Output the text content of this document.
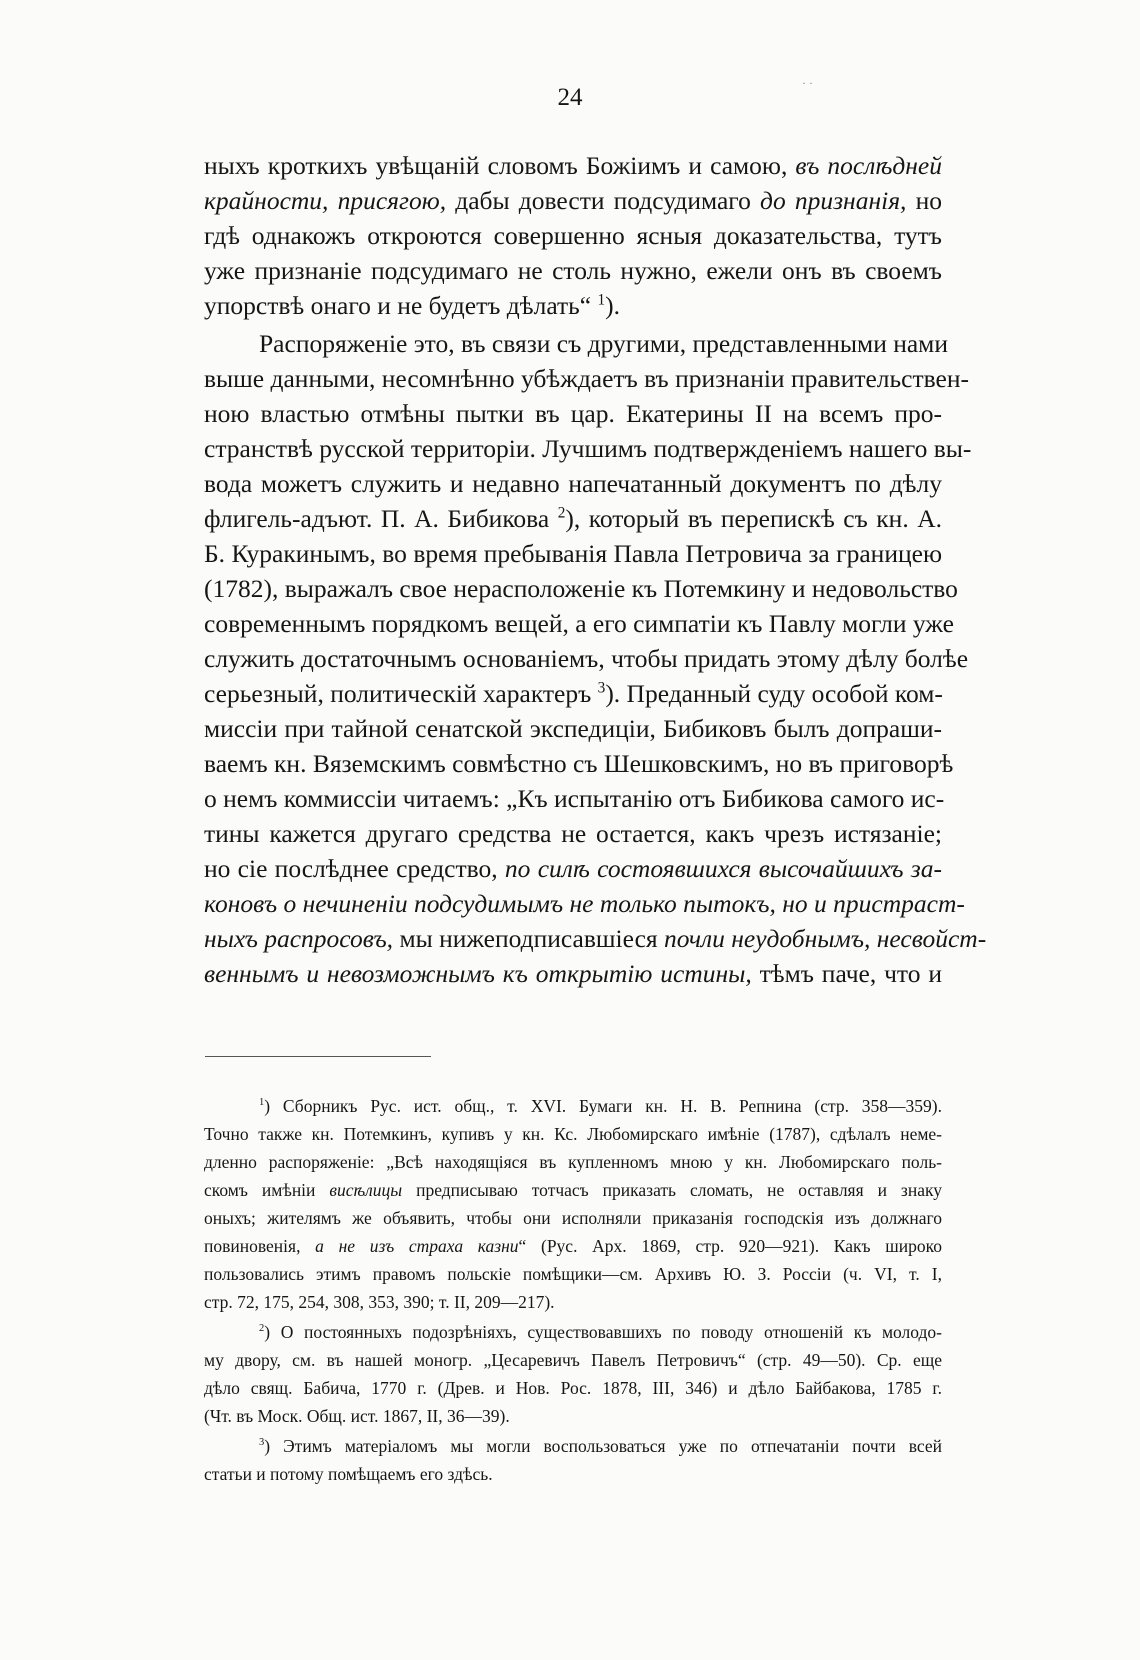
· ·
24
ныхъ кроткихъ увѣщаній словомъ Божіимъ и самою, въ послѣдней
крайности, присягою, дабы довести подсудимаго до признанія, но
гдѣ однакожъ откроются совершенно ясныя доказательства, тутъ
уже признаніе подсудимаго не столь нужно, ежели онъ въ своемъ
упорствѣ онаго и не будетъ дѣлать“ $^1$).
Распоряженіе это, въ связи съ другими, представленными нами
выше данными, несомнѣнно убѣждаетъ въ признаніи правительствен-
ною властью отмѣны пытки въ цар. Екатерины II на всемъ про-
странствѣ русской территоріи. Лучшимъ подтвержденіемъ нашего вы-
вода можетъ служить и недавно напечатанный документъ по дѣлу
флигель-адъют. П. А. Бибикова $^2$), который въ перепискѣ съ кн. А.
Б. Куракинымъ, во время пребыванія Павла Петровича за границею
(1782), выражалъ свое нерасположеніе къ Потемкину и недовольство
современнымъ порядкомъ вещей, а его симпатіи къ Павлу могли уже
служить достаточнымъ основаніемъ, чтобы придать этому дѣлу болѣе
серьезный, политическій характеръ $^3$). Преданный суду особой ком-
миссіи при тайной сенатской экспедиціи, Бибиковъ былъ допраши-
ваемъ кн. Вяземскимъ совмѣстно съ Шешковскимъ, но въ приговорѣ
о немъ коммиссіи читаемъ: „Къ испытанію отъ Бибикова самого ис-
тины кажется другаго средства не остается, какъ чрезъ истязаніе;
но сіе послѣднее средство, по силѣ состоявшихся высочайшихъ за-
коновъ о нечиненіи подсудимымъ не только пытокъ, но и пристраст-
ныхъ распросовъ, мы нижеподписавшіеся почли неудобнымъ, несвойст-
веннымъ и невозможнымъ къ открытію истины, тѣмъ паче, что и
$^1$) Сборникъ Рус. ист. общ., т. XVI. Бумаги кн. Н. В. Репнина (стр. 358—359).
Точно также кн. Потемкинъ, купивъ у кн. Кс. Любомирскаго имѣніе (1787), сдѣлалъ неме-
дленно распоряженіе: „Всѣ находящіяся въ купленномъ мною у кн. Любомирскаго поль-
скомъ имѣніи висѣлицы предписываю тотчасъ приказать сломать, не оставляя и знаку
оныхъ; жителямъ же объявить, чтобы они исполняли приказанія господскія изъ должнаго
повиновенія, а не изъ страха казни“ (Рус. Арх. 1869, стр. 920—921). Какъ широко
пользовались этимъ правомъ польскіе помѣщики—см. Архивъ Ю. З. Россіи (ч. VI, т. I,
стр. 72, 175, 254, 308, 353, 390; т. II, 209—217).
$^2$) О постоянныхъ подозрѣніяхъ, существовавшихъ по поводу отношеній къ молодо-
му двору, см. въ нашей моногр. „Цесаревичъ Павелъ Петровичъ“ (стр. 49—50). Ср. еще
дѣло свящ. Бабича, 1770 г. (Древ. и Нов. Рос. 1878, III, 346) и дѣло Байбакова, 1785 г.
(Чт. въ Моск. Общ. ист. 1867, II, 36—39).
$^3$) Этимъ матеріаломъ мы могли воспользоваться уже по отпечатаніи почти всей
статьи и потому помѣщаемъ его здѣсь.
